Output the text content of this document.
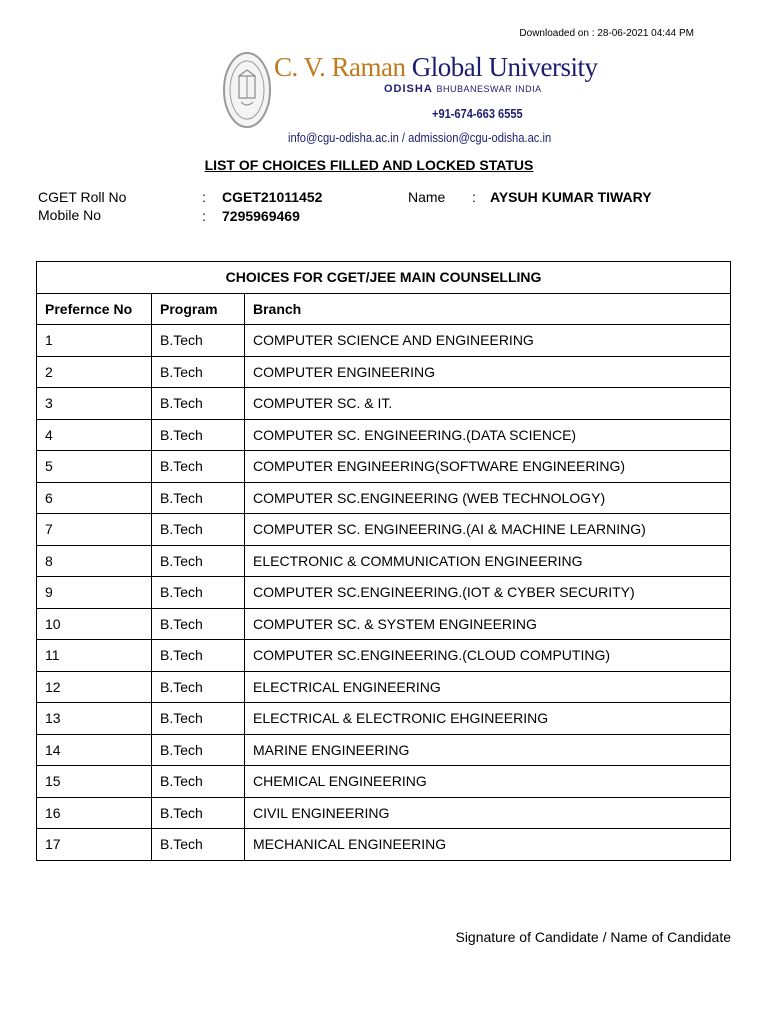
Downloaded on : 28-06-2021 04:44 PM
C. V. Raman Global University
ODISHA BHUBANESWAR INDIA
+91-674-663 6555
info@cgu-odisha.ac.in / admission@cgu-odisha.ac.in
LIST OF CHOICES FILLED AND LOCKED STATUS
CGET Roll No	: CGET21011452	Name : AYSUH KUMAR TIWARY
Mobile No	: 7295969469
CHOICES FOR CGET/JEE MAIN COUNSELLING		
Prefernce No	Program	Branch
1	B.Tech	COMPUTER SCIENCE AND ENGINEERING
2	B.Tech	COMPUTER ENGINEERING
3	B.Tech	COMPUTER SC. & IT.
4	B.Tech	COMPUTER SC. ENGINEERING.(DATA SCIENCE)
5	B.Tech	COMPUTER ENGINEERING(SOFTWARE ENGINEERING)
6	B.Tech	COMPUTER SC.ENGINEERING (WEB TECHNOLOGY)
7	B.Tech	COMPUTER SC. ENGINEERING.(AI & MACHINE LEARNING)
8	B.Tech	ELECTRONIC & COMMUNICATION ENGINEERING
9	B.Tech	COMPUTER SC.ENGINEERING.(IOT & CYBER SECURITY)
10	B.Tech	COMPUTER SC. & SYSTEM ENGINEERING
11	B.Tech	COMPUTER SC.ENGINEERING.(CLOUD COMPUTING)
12	B.Tech	ELECTRICAL ENGINEERING
13	B.Tech	ELECTRICAL & ELECTRONIC EHGINEERING
14	B.Tech	MARINE ENGINEERING
15	B.Tech	CHEMICAL ENGINEERING
16	B.Tech	CIVIL ENGINEERING
17	B.Tech	MECHANICAL ENGINEERING
Signature of Candidate / Name of Candidate
